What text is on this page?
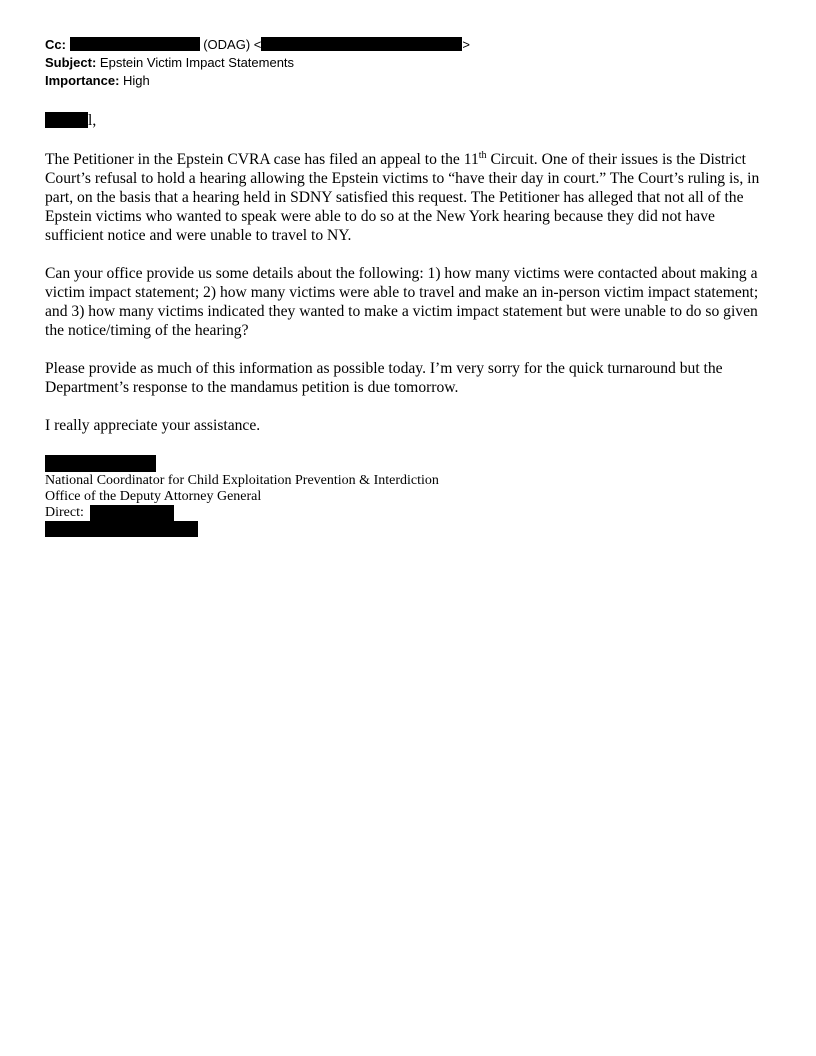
Cc:	(ODAG) <	>
Subject: Epstein Victim Impact Statements
Importance: High
l,

The Petitioner in the Epstein CVRA case has filed an appeal to the 11th Circuit. One of their issues is the District Court’s refusal to hold a hearing allowing the Epstein victims to “have their day in court.” The Court’s ruling is, in part, on the basis that a hearing held in SDNY satisfied this request. The Petitioner has alleged that not all of the Epstein victims who wanted to speak were able to do so at the New York hearing because they did not have sufficient notice and were unable to travel to NY.

Can your office provide us some details about the following: 1) how many victims were contacted about making a victim impact statement; 2) how many victims were able to travel and make an in-person victim impact statement; and 3) how many victims indicated they wanted to make a victim impact statement but were unable to do so given the notice/timing of the hearing?

Please provide as much of this information as possible today. I’m very sorry for the quick turnaround but the Department’s response to the mandamus petition is due tomorrow.

I really appreciate your assistance.

National Coordinator for Child Exploitation Prevention & Interdiction
Office of the Deputy Attorney General
Direct:
